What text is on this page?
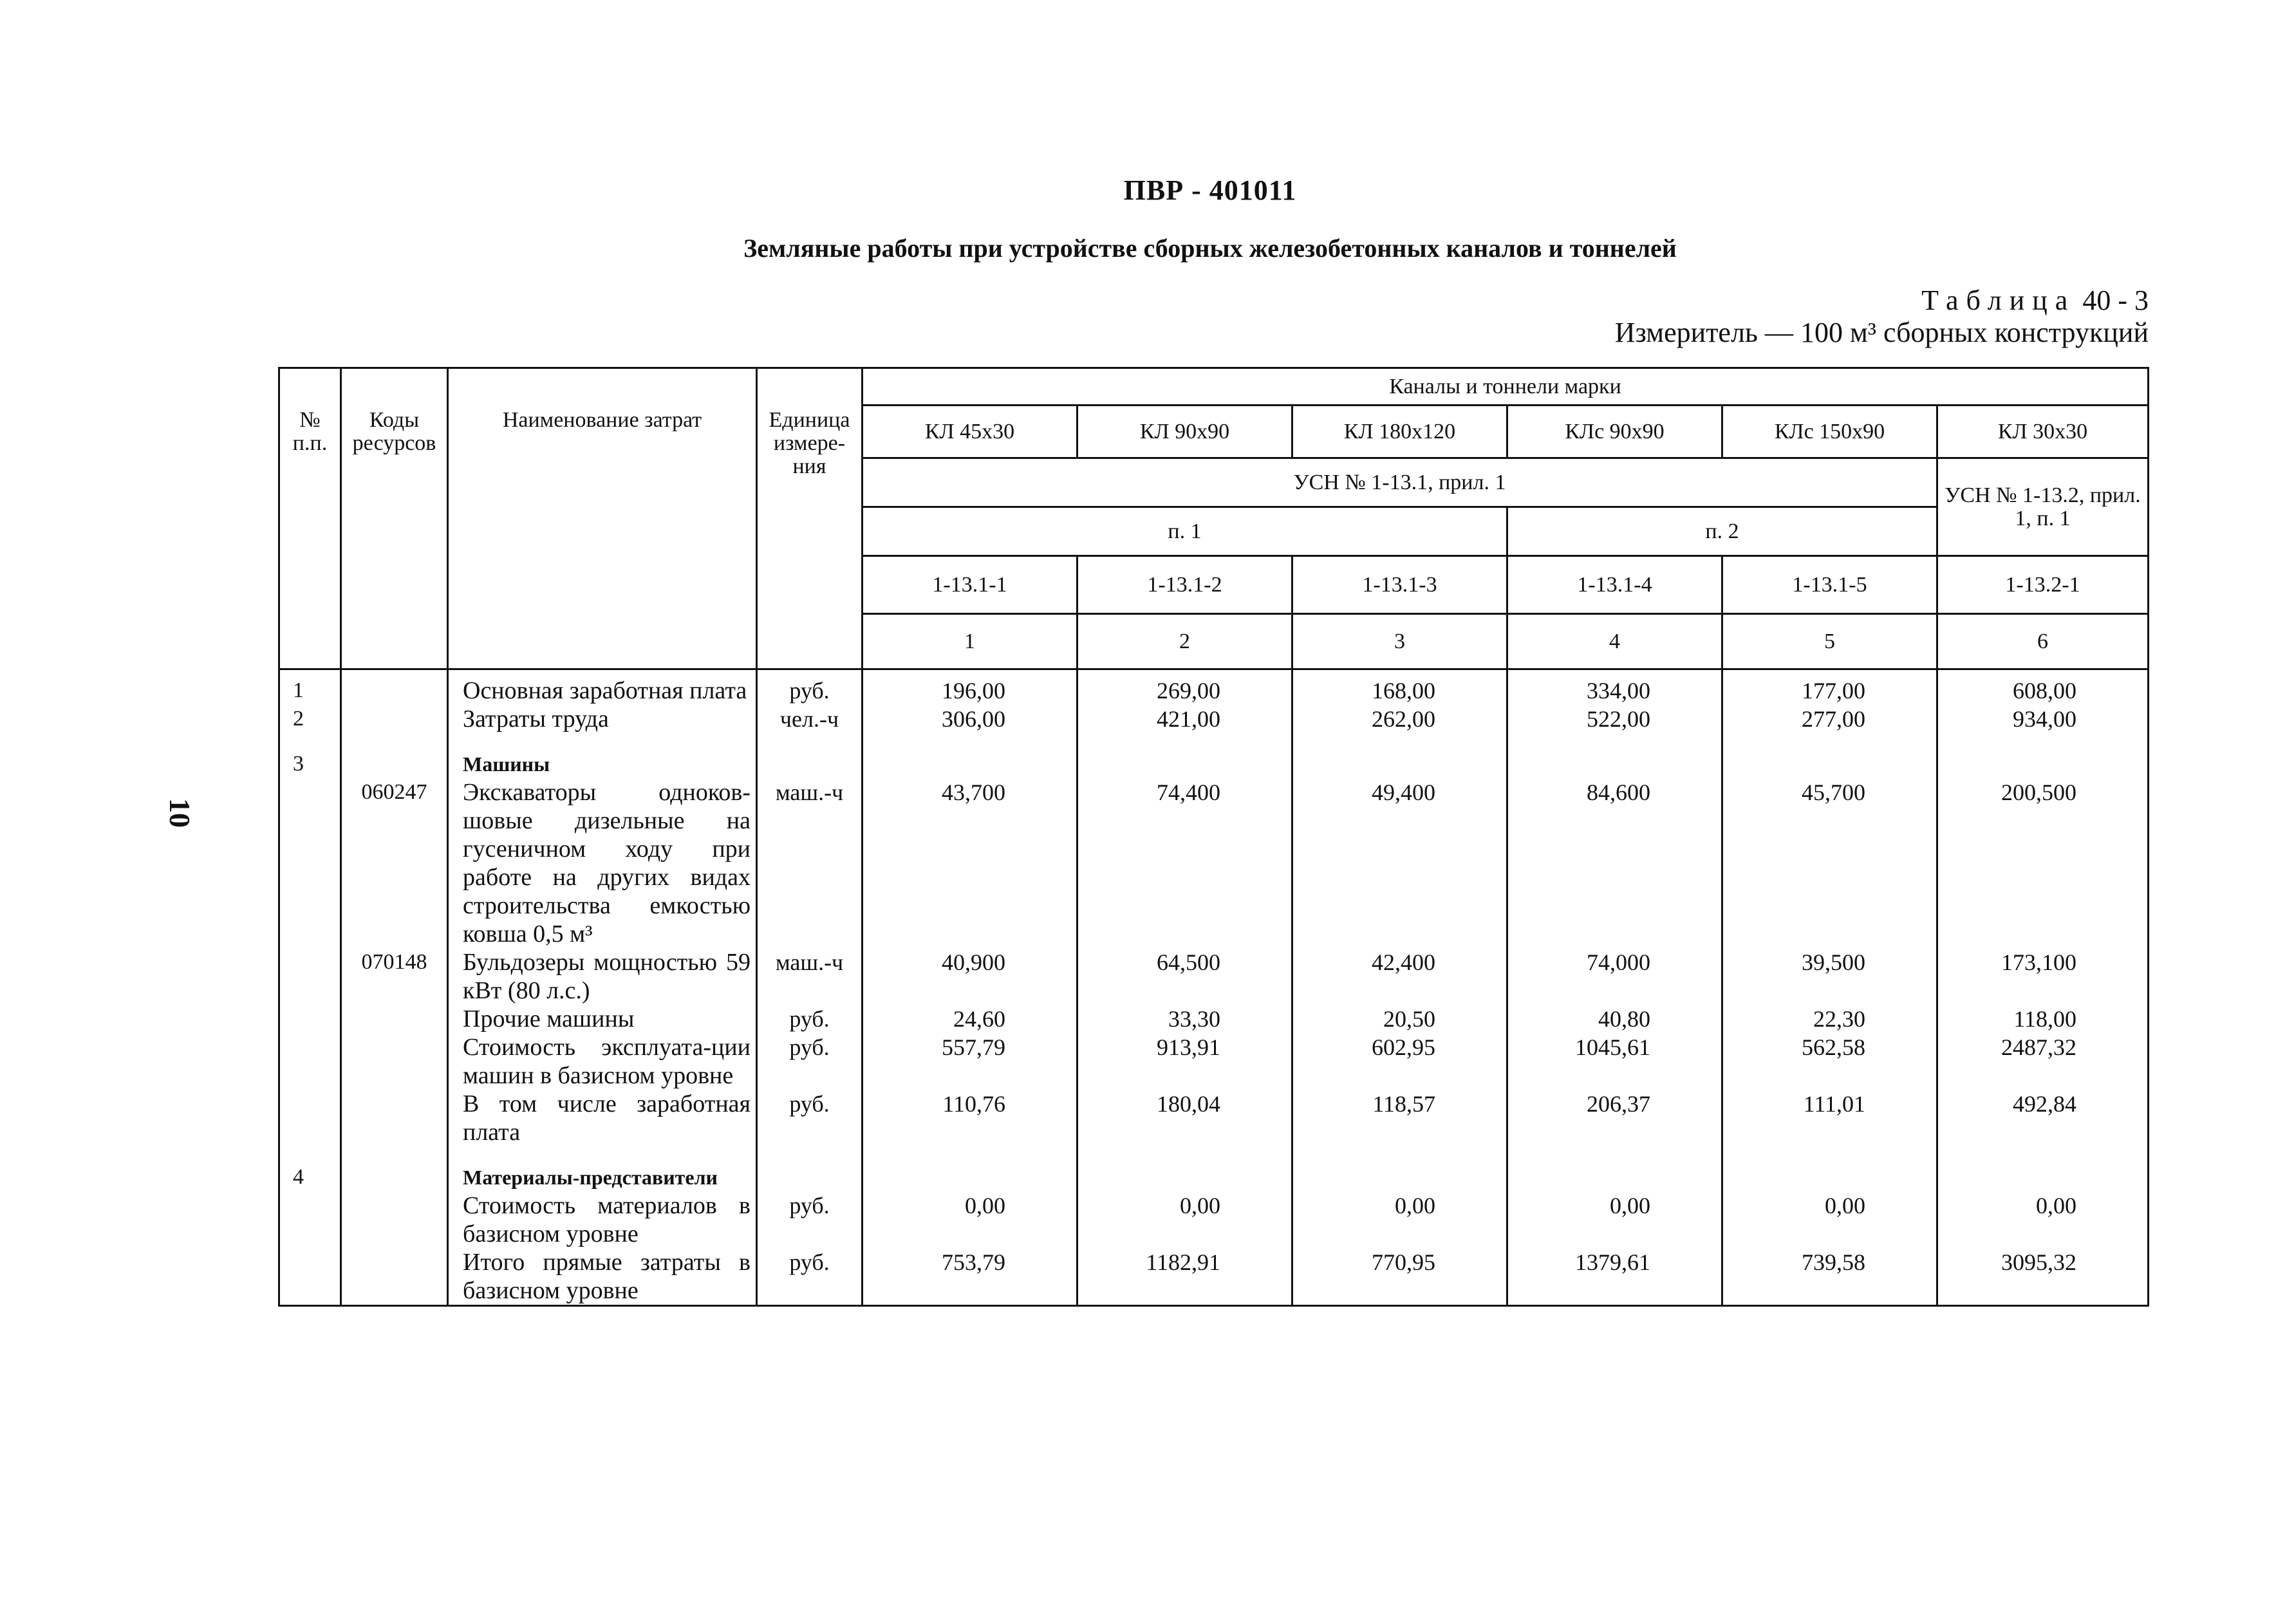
ПВР - 401011
Земляные работы при устройстве сборных железобетонных каналов и тоннелей
Таблица 40 - 3
Измеритель — 100 м³ сборных конструкций
10
№ п.п.	Коды ресурсов	Наименование затрат	Единица измере-ния	Каналы и тоннели марки					
				КЛ 45х30	КЛ 90х90	КЛ 180х120	КЛс 90х90	КЛс 150х90	КЛ 30х30
				УСН № 1-13.1, прил. 1					УСН № 1-13.2, прил. 1, п. 1
				п. 1			п. 2		
				1-13.1-1	1-13.1-2	1-13.1-3	1-13.1-4	1-13.1-5	1-13.2-1
				1	2	3	4	5	6
1		Основная заработная плата	руб.	196,00	269,00	168,00	334,00	177,00	608,00
2		Затраты труда	чел.-ч	306,00	421,00	262,00	522,00	277,00	934,00
3		Машины							
	060247	Экскаваторы одноков-шовые дизельные на гусеничном ходу при работе на других видах строительства емкостью ковша 0,5 м³	маш.-ч	43,700	74,400	49,400	84,600	45,700	200,500
	070148	Бульдозеры мощностью 59 кВт (80 л.с.)	маш.-ч	40,900	64,500	42,400	74,000	39,500	173,100
		Прочие машины	руб.	24,60	33,30	20,50	40,80	22,30	118,00
		Стоимость эксплуата-ции машин в базисном уровне	руб.	557,79	913,91	602,95	1045,61	562,58	2487,32
		В том числе заработная плата	руб.	110,76	180,04	118,57	206,37	111,01	492,84
4		Материалы-представители							
		Стоимость материалов в базисном уровне	руб.	0,00	0,00	0,00	0,00	0,00	0,00
		Итого прямые затраты в базисном уровне	руб.	753,79	1182,91	770,95	1379,61	739,58	3095,32
